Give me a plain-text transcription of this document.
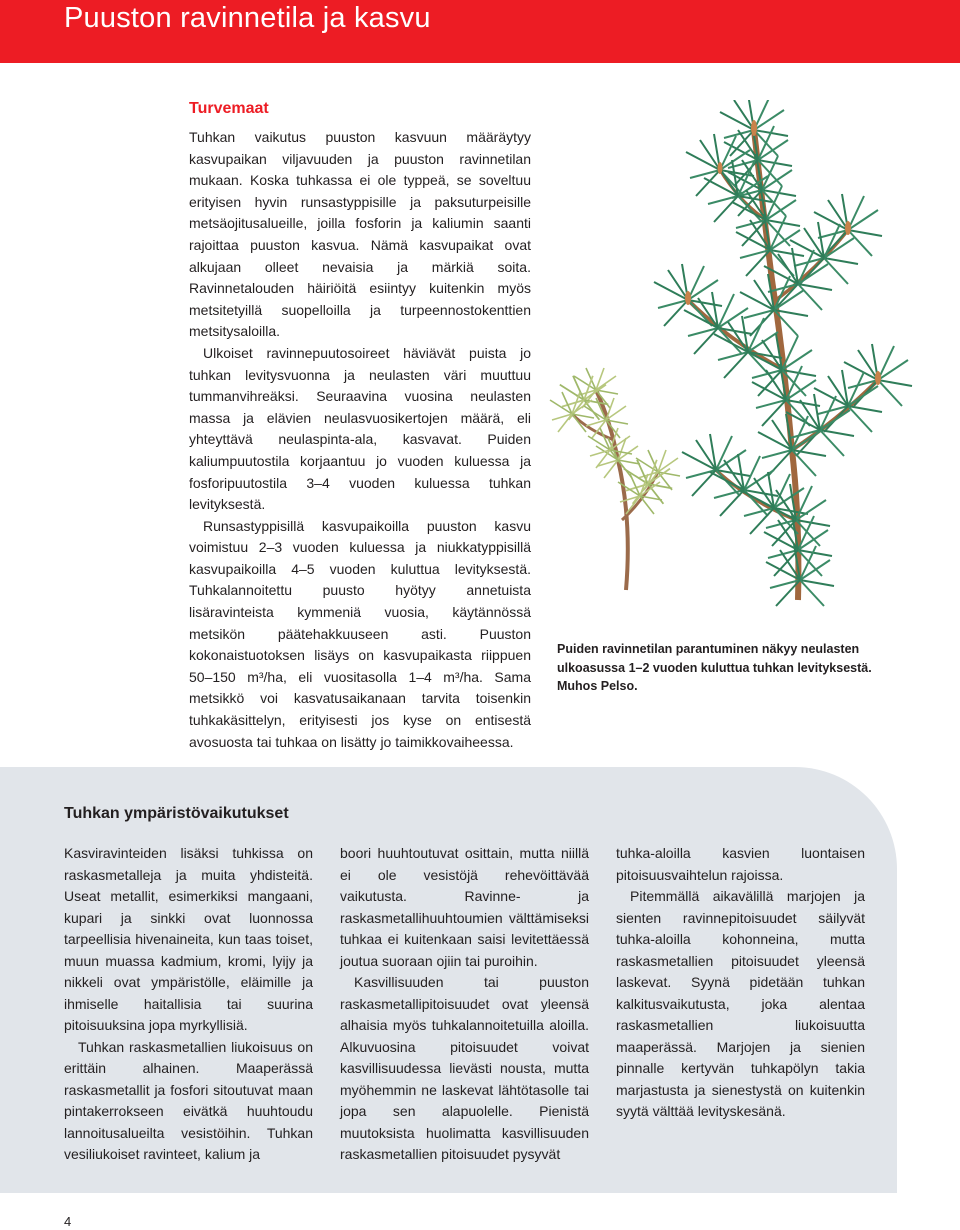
Puuston ravinnetila ja kasvu
Turvemaat

Tuhkan vaikutus puuston kasvuun määräytyy kasvupaikan viljavuuden ja puuston ravinnetilan mukaan. Koska tuhkassa ei ole typpeä, se soveltuu erityisen hyvin runsastyppisille ja paksuturpeisille metsäojitusalueille, joilla fosforin ja kaliumin saanti rajoittaa puuston kasvua. Nämä kasvupaikat ovat alkujaan olleet nevaisia ja märkiä soita. Ravinnetalouden häiriöitä esiintyy kuitenkin myös metsitetyillä suopelloilla ja turpeennostokenttien metsitysaloilla.

Ulkoiset ravinnepuutosoireet häviävät puista jo tuhkan levitysvuonna ja neulasten väri muuttuu tummanvihreäksi. Seuraavina vuosina neulasten massa ja elävien neulasvuosikertojen määrä, eli yhteyttävä neulaspinta-ala, kasvavat. Puiden kaliumpuutostila korjaantuu jo vuoden kuluessa ja fosforipuutostila 3–4 vuoden kuluessa tuhkan levityksestä.

Runsastyppisillä kasvupaikoilla puuston kasvu voimistuu 2–3 vuoden kuluessa ja niukkatyppisillä kasvupaikoilla 4–5 vuoden kuluttua levityksestä. Tuhkalannoitettu puusto hyötyy annetuista lisäravinteista kymmeniä vuosia, käytännössä metsikön päätehakkuuseen asti. Puuston kokonaistuotoksen lisäys on kasvupaikasta riippuen 50–150 m³/ha, eli vuositasolla 1–4 m³/ha. Sama metsikkö voi kasvatusaikanaan tarvita toisenkin tuhkakäsittelyn, erityisesti jos kyse on entisestä avosuosta tai tuhkaa on lisätty jo taimikkovaiheessa.

Puiden ravinnetilan parantuminen näkyy neulasten ulkoasussa 1–2 vuoden kuluttua tuhkan levityksestä. Muhos Pelso.
Tuhkan ympäristövaikutukset

Kasviravinteiden lisäksi tuhkissa on raskasmetalleja ja muita yhdisteitä. Useat metallit, esimerkiksi mangaani, kupari ja sinkki ovat luonnossa tarpeellisia hivenaineita, kun taas toiset, muun muassa kadmium, kromi, lyijy ja nikkeli ovat ympäristölle, eläimille ja ihmiselle haitallisia tai suurina pitoisuuksina jopa myrkyllisiä.

Tuhkan raskasmetallien liukoisuus on erittäin alhainen. Maaperässä raskasmetallit ja fosfori sitoutuvat maan pintakerrokseen eivätkä huuhtoudu lannoitusalueilta vesistöihin. Tuhkan vesiliukoiset ravinteet, kalium ja

boori huuhtoutuvat osittain, mutta niillä ei ole vesistöjä rehevöittävää vaikutusta. Ravinne- ja raskasmetallihuuhtoumien välttämiseksi tuhkaa ei kuitenkaan saisi levitettäessä joutua suoraan ojiin tai puroihin.

Kasvillisuuden tai puuston raskasmetallipitoisuudet ovat yleensä alhaisia myös tuhkalannoitetuilla aloilla. Alkuvuosina pitoisuudet voivat kasvillisuudessa lievästi nousta, mutta myöhemmin ne laskevat lähtötasolle tai jopa sen alapuolelle. Pienistä muutoksista huolimatta kasvillisuuden raskasmetallien pitoisuudet pysyvät

tuhka-aloilla kasvien luontaisen pitoisuusvaihtelun rajoissa.

Pitemmällä aikavälillä marjojen ja sienten ravinnepitoisuudet säilyvät tuhka-aloilla kohonneina, mutta raskasmetallien pitoisuudet yleensä laskevat. Syynä pidetään tuhkan kalkitusvaikutusta, joka alentaa raskasmetallien liukoisuutta maaperässä. Marjojen ja sienien pinnalle kertyvän tuhkapölyn takia marjastusta ja sienestystä on kuitenkin syytä välttää levityskesänä.

4
